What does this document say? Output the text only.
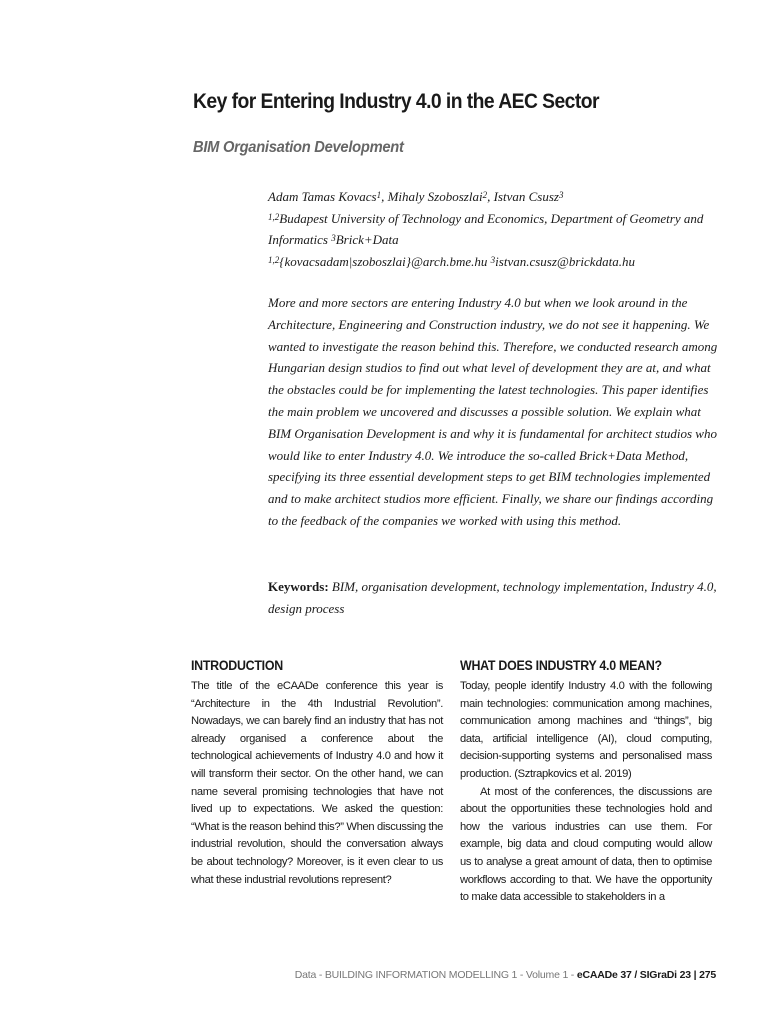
Key for Entering Industry 4.0 in the AEC Sector
BIM Organisation Development
Adam Tamas Kovacs$^1$, Mihaly Szoboszlai$^2$, Istvan Csusz$^3$
$^{1,2}$Budapest University of Technology and Economics, Department of Geometry and Informatics $^3$Brick+Data
$^{1,2}${kovacsadam|szoboszlai}@arch.bme.hu $^3$istvan.csusz@brickdata.hu

More and more sectors are entering Industry 4.0 but when we look around in the Architecture, Engineering and Construction industry, we do not see it happening. We wanted to investigate the reason behind this. Therefore, we conducted research among Hungarian design studios to find out what level of development they are at, and what the obstacles could be for implementing the latest technologies. This paper identifies the main problem we uncovered and discusses a possible solution. We explain what BIM Organisation Development is and why it is fundamental for architect studios who would like to enter Industry 4.0. We introduce the so-called Brick+Data Method, specifying its three essential development steps to get BIM technologies implemented and to make architect studios more efficient. Finally, we share our findings according to the feedback of the companies we worked with using this method.

Keywords: BIM, organisation development, technology implementation, Industry 4.0, design process

INTRODUCTION

The title of the eCAADe conference this year is “Architecture in the 4th Industrial Revolution”. Nowadays, we can barely find an industry that has not already organised a conference about the technological achievements of Industry 4.0 and how it will transform their sector. On the other hand, we can name several promising technologies that have not lived up to expectations. We asked the question: “What is the reason behind this?” When discussing the industrial revolution, should the conversation always be about technology? Moreover, is it even clear to us what these industrial revolutions represent?

WHAT DOES INDUSTRY 4.0 MEAN?

Today, people identify Industry 4.0 with the following main technologies: communication among machines, communication among machines and “things”, big data, artificial intelligence (AI), cloud computing, decision-supporting systems and personalised mass production. (Sztrapkovics et al. 2019)

At most of the conferences, the discussions are about the opportunities these technologies hold and how the various industries can use them. For example, big data and cloud computing would allow us to analyse a great amount of data, then to optimise workflows according to that. We have the opportunity to make data accessible to stakeholders in a

Data - BUILDING INFORMATION MODELLING 1 - Volume 1 - eCAADe 37 / SIGraDi 23 | 275
